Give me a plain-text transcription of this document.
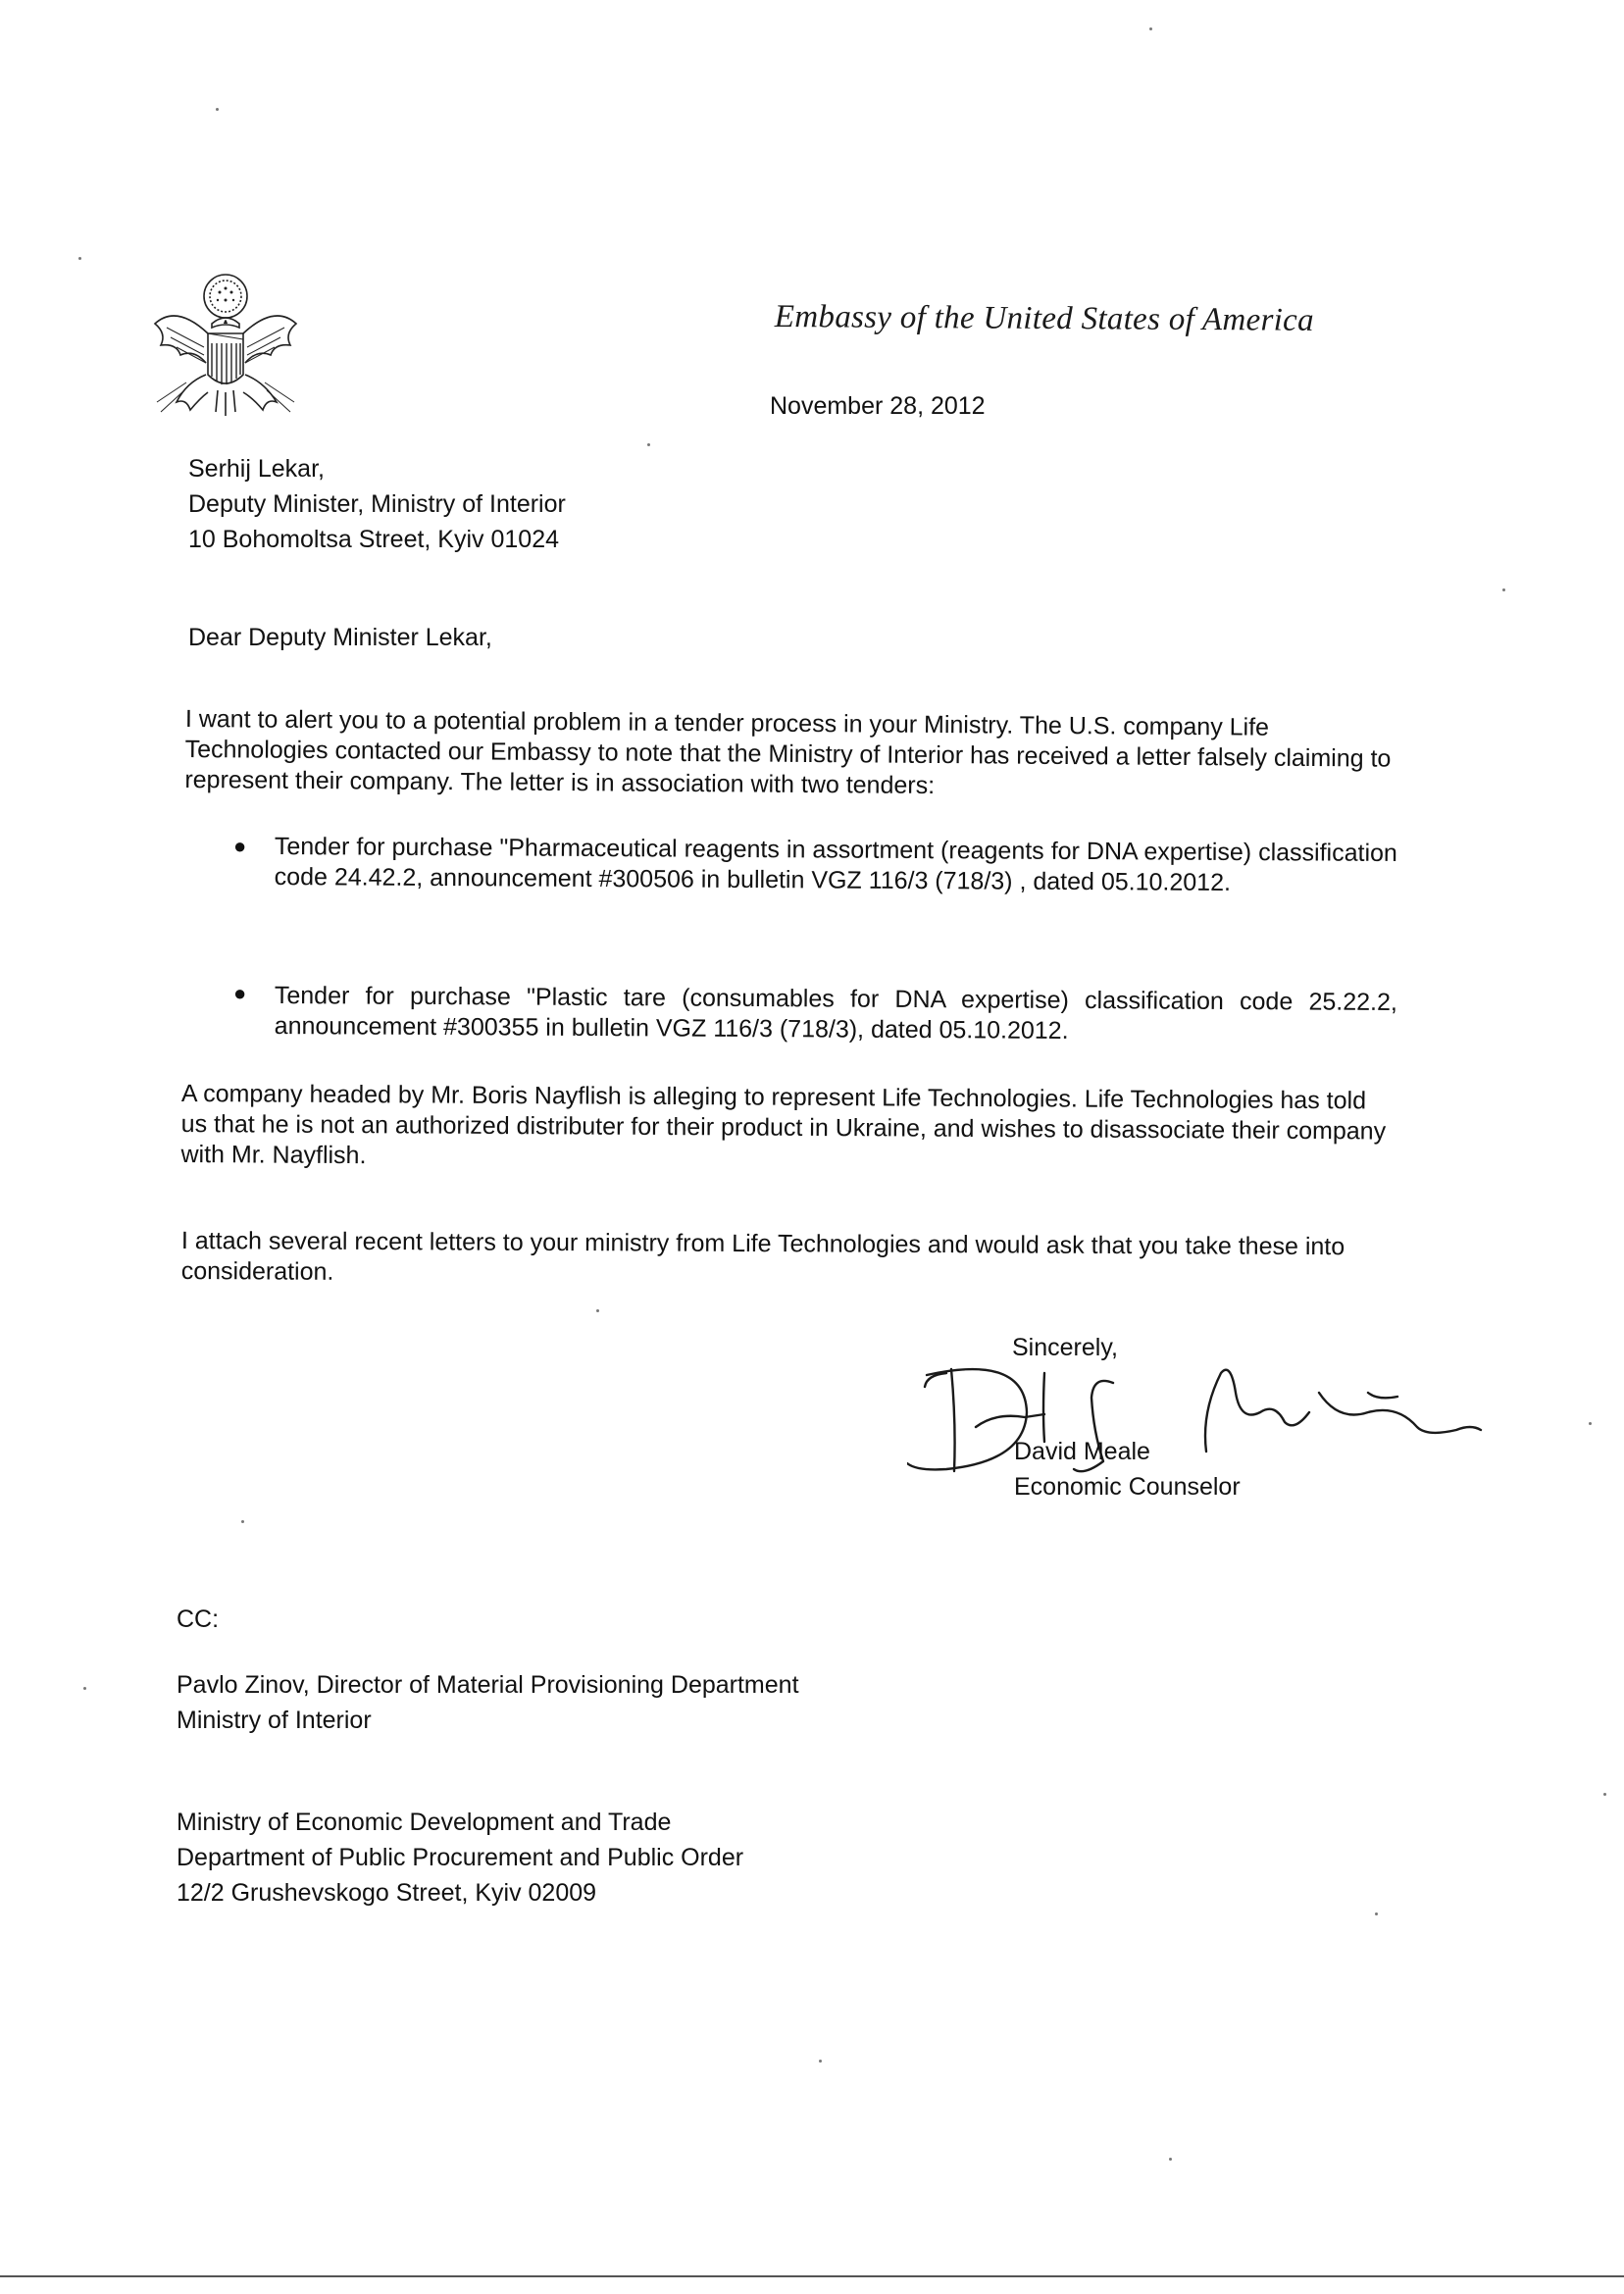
Embassy of the United States of America
November 28, 2012
Serhij Lekar,
Deputy Minister, Ministry of Interior
10 Bohomoltsa Street, Kyiv 01024
Dear Deputy Minister Lekar,
I want to alert you to a potential problem in a tender process in your Ministry. The U.S. company Life Technologies contacted our Embassy to note that the Ministry of Interior has received a letter falsely claiming to represent their company. The letter is in association with two tenders:
● Tender for purchase "Pharmaceutical reagents in assortment (reagents for DNA expertise) classification code 24.42.2, announcement #300506 in bulletin VGZ 116/3 (718/3) , dated 05.10.2012.
● Tender for purchase "Plastic tare (consumables for DNA expertise) classification code 25.22.2, announcement #300355 in bulletin VGZ 116/3 (718/3), dated 05.10.2012.
A company headed by Mr. Boris Nayflish is alleging to represent Life Technologies. Life Technologies has told us that he is not an authorized distributer for their product in Ukraine, and wishes to disassociate their company with Mr. Nayflish.
I attach several recent letters to your ministry from Life Technologies and would ask that you take these into consideration.
Sincerely,
David Meale
Economic Counselor
CC:
Pavlo Zinov, Director of Material Provisioning Department
Ministry of Interior
Ministry of Economic Development and Trade
Department of Public Procurement and Public Order
12/2 Grushevskogo Street, Kyiv 02009
